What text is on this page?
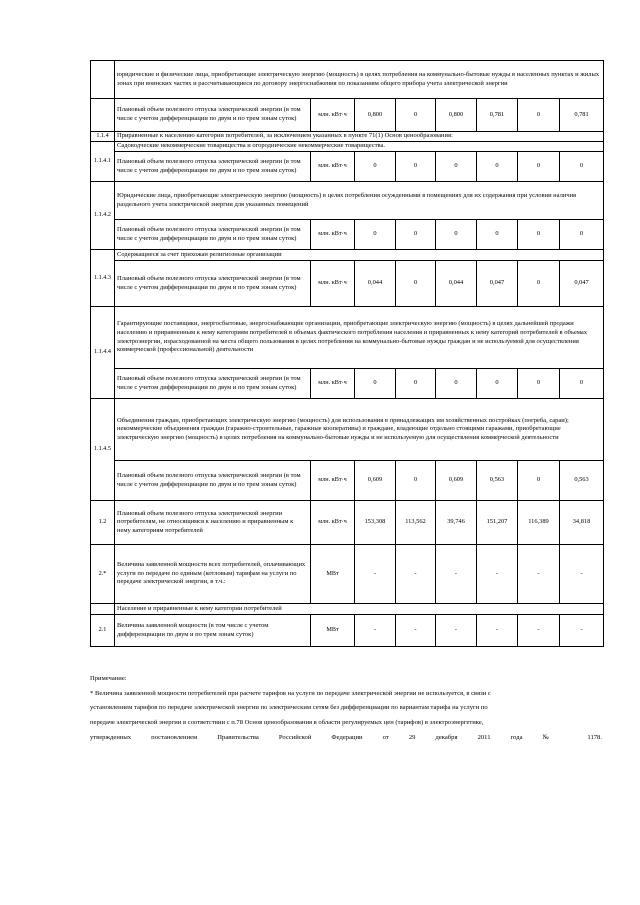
	юридические и физические лица, приобретающие электрическую энергию (мощность) в целях потребления на коммунально-бытовые нужды в населенных пунктах и жилых зонах при воинских частях и рассчитывающиеся по договору энергоснабжения по показаниям общего прибора учета электрической энергии							
	Плановый объем полезного отпуска электрической энергии (в том числе с учетом дифференциации по двум и по трем зонам суток)	млн. кВт·ч	0,800	0	0,800	0,781	0	0,781
1.1.4	Приравненные к населению категории потребителей, за исключением указанных в пункте 71(1) Основ ценообразования:							
1.1.4.1	Садоводческие некоммерческие товарищества и огороднические некоммерческие товарищества.							
	Плановый объем полезного отпуска электрической энергии (в том числе с учетом дифференциации по двум и по трем зонам суток)	млн. кВт·ч	0	0	0	0	0	0
1.1.4.2	Юридические лица, приобретающие электрическую энергию (мощность) в целях потребления осужденными в помещениях для их содержания при условии наличия раздельного учета электрической энергии для указанных помещений							
	Плановый объем полезного отпуска электрической энергии (в том числе с учетом дифференциации по двум и по трем зонам суток)	млн. кВт·ч	0	0	0	0	0	0
1.1.4.3	Содержащиеся за счет прихожан религиозные организации							
	Плановый объем полезного отпуска электрической энергии (в том числе с учетом дифференциации по двум и по трем зонам суток)	млн. кВт·ч	0,044	0	0,044	0,047	0	0,047
1.1.4.4	Гарантирующие поставщики, энергосбытовые, энергоснабжающие организации, приобретающие электрическую энергию (мощность) в целях дальнейшей продажи населению и приравненным к нему категориям потребителей в объемах фактического потребления населения и приравненных к нему категорий потребителей в объемах электроэнергии, израсходованной на места общего пользования в целях потребления на коммунально-бытовые нужды граждан и не используемой для осуществления коммерческой (профессиональной) деятельности							
	Плановый объем полезного отпуска электрической энергии (в том числе с учетом дифференциации по двум и по трем зонам суток)	млн. кВт·ч	0	0	0	0	0	0
1.1.4.5	Объединения граждан, приобретающих электрическую энергию (мощность) для использования в принадлежащих им хозяйственных постройках (погреба, сараи); некоммерческие объединения граждан (гаражно-строительные, гаражные кооперативы) и граждане, владеющие отдельно стоящими гаражами, приобретающие электрическую энергию (мощность) в целях потребления на коммунально-бытовые нужды и не используемую для осуществления коммерческой деятельности							
	Плановый объем полезного отпуска электрической энергии (в том числе с учетом дифференциации по двум и по трем зонам суток)	млн. кВт·ч	0,609	0	0,609	0,563	0	0,563
1.2	Плановый объем полезного отпуска электрической энергии потребителям, не относящимся к населению и приравненным к нему категориям потребителей	млн. кВт·ч	153,308	113,562	39,746	151,207	116,389	34,818
2.*	Величина заявленной мощности всех потребителей, оплачивающих услуги по передаче по единым (котловым) тарифам на услуги по передаче электрической энергии, в т.ч.:	МВт	-	-	-	-	-	-
	Население и приравненные к нему категории потребителей							
2.1	Величина заявленной мощности (в том числе с учетом дифференциации по двум и по трем зонам суток)	МВт	-	-	-	-	-	-
Примечание:
* Величина заявленной мощности потребителей при расчете тарифов на услуги по передаче электрической энергии не используется, в связи с
установлением тарифов по передаче электрической энергии по электрическим сетям без дифференциации по вариантам тарифа на услуги по
передаче электрической энергии в соответствии с п.78 Основ ценообразования в области регулируемых цен (тарифов) в электроэнергетике,
утвержденных постановлением Правительства Российской Федерации от 29 декабря 2011 года № 1178.
